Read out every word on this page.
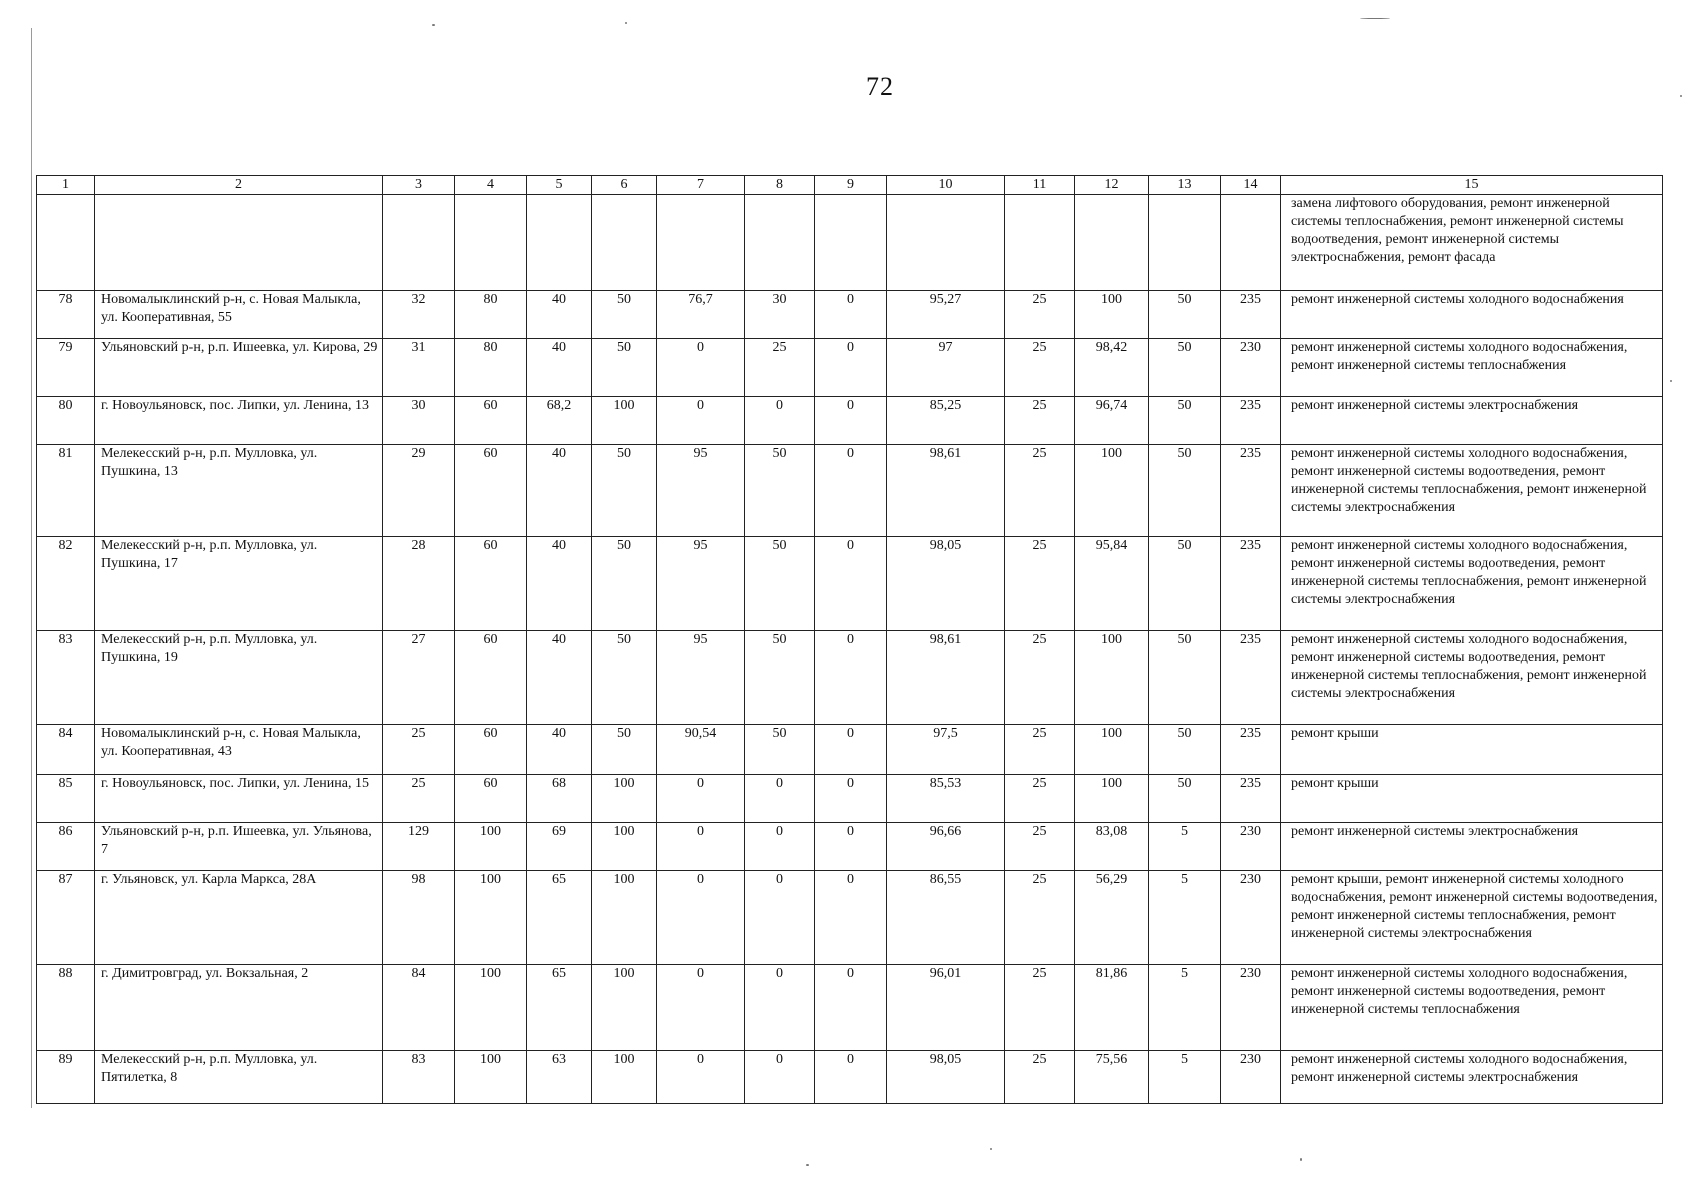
72
1	2	3	4	5	6	7	8	9	10	11	12	13	14	15
														замена лифтового оборудования, ремонт инженерной системы теплоснабжения, ремонт инженерной системы водоотведения, ремонт инженерной системы электроснабжения, ремонт фасада
78	Новомалыклинский р-н, с. Новая Малыкла, ул. Кооперативная, 55	32	80	40	50	76,7	30	0	95,27	25	100	50	235	ремонт инженерной системы холодного водоснабжения
79	Ульяновский р-н, р.п. Ишеевка, ул. Кирова, 29	31	80	40	50	0	25	0	97	25	98,42	50	230	ремонт инженерной системы холодного водоснабжения, ремонт инженерной системы теплоснабжения
80	г. Новоульяновск, пос. Липки, ул. Ленина, 13	30	60	68,2	100	0	0	0	85,25	25	96,74	50	235	ремонт инженерной системы электроснабжения
81	Мелекесский р-н, р.п. Мулловка, ул. Пушкина, 13	29	60	40	50	95	50	0	98,61	25	100	50	235	ремонт инженерной системы холодного водоснабжения, ремонт инженерной системы водоотведения, ремонт инженерной системы теплоснабжения, ремонт инженерной системы электроснабжения
82	Мелекесский р-н, р.п. Мулловка, ул. Пушкина, 17	28	60	40	50	95	50	0	98,05	25	95,84	50	235	ремонт инженерной системы холодного водоснабжения, ремонт инженерной системы водоотведения, ремонт инженерной системы теплоснабжения, ремонт инженерной системы электроснабжения
83	Мелекесский р-н, р.п. Мулловка, ул. Пушкина, 19	27	60	40	50	95	50	0	98,61	25	100	50	235	ремонт инженерной системы холодного водоснабжения, ремонт инженерной системы водоотведения, ремонт инженерной системы теплоснабжения, ремонт инженерной системы электроснабжения
84	Новомалыклинский р-н, с. Новая Малыкла, ул. Кооперативная, 43	25	60	40	50	90,54	50	0	97,5	25	100	50	235	ремонт крыши
85	г. Новоульяновск, пос. Липки, ул. Ленина, 15	25	60	68	100	0	0	0	85,53	25	100	50	235	ремонт крыши
86	Ульяновский р-н, р.п. Ишеевка, ул. Ульянова, 7	129	100	69	100	0	0	0	96,66	25	83,08	5	230	ремонт инженерной системы электроснабжения
87	г. Ульяновск, ул. Карла Маркса, 28А	98	100	65	100	0	0	0	86,55	25	56,29	5	230	ремонт крыши, ремонт инженерной системы холодного водоснабжения, ремонт инженерной системы водоотведения, ремонт инженерной системы теплоснабжения, ремонт инженерной системы электроснабжения
88	г. Димитровград, ул. Вокзальная, 2	84	100	65	100	0	0	0	96,01	25	81,86	5	230	ремонт инженерной системы холодного водоснабжения, ремонт инженерной системы водоотведения, ремонт инженерной системы теплоснабжения
89	Мелекесский р-н, р.п. Мулловка, ул. Пятилетка, 8	83	100	63	100	0	0	0	98,05	25	75,56	5	230	ремонт инженерной системы холодного водоснабжения, ремонт инженерной системы электроснабжения
